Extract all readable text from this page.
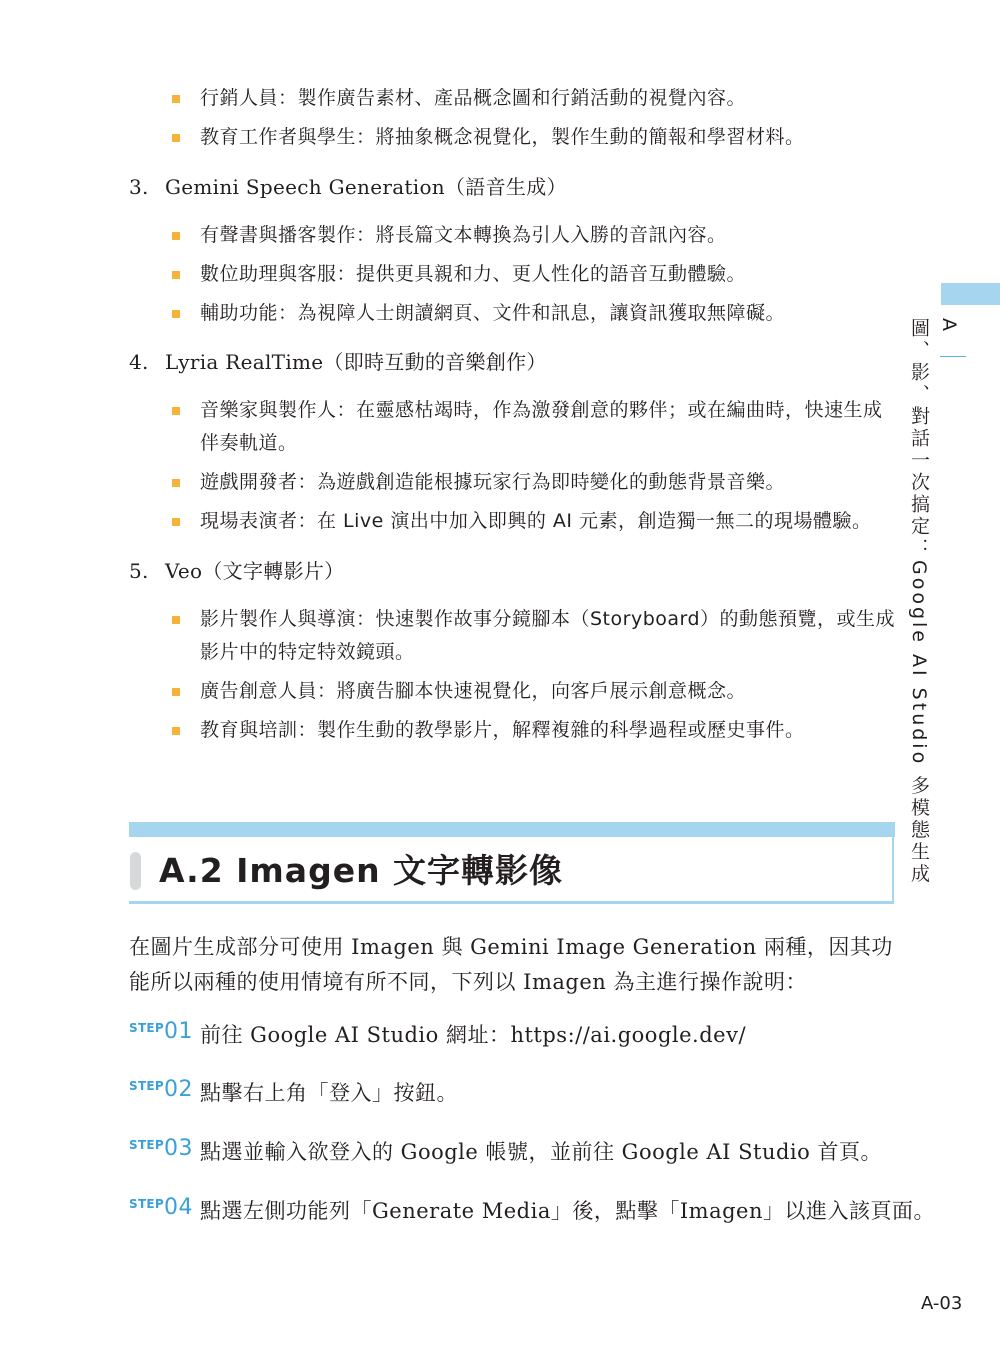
行銷人員：製作廣告素材、產品概念圖和行銷活動的視覺內容。
教育工作者與學生：將抽象概念視覺化，製作生動的簡報和學習材料。
3. Gemini Speech Generation（語音生成）
有聲書與播客製作：將長篇文本轉換為引人入勝的音訊內容。
數位助理與客服：提供更具親和力、更人性化的語音互動體驗。
輔助功能：為視障人士朗讀網頁、文件和訊息，讓資訊獲取無障礙。
4. Lyria RealTime（即時互動的音樂創作）
音樂家與製作人：在靈感枯竭時，作為激發創意的夥伴；或在編曲時，快速生成伴奏軌道。
遊戲開發者：為遊戲創造能根據玩家行為即時變化的動態背景音樂。
現場表演者：在 Live 演出中加入即興的 AI 元素，創造獨一無二的現場體驗。
5. Veo（文字轉影片）
影片製作人與導演：快速製作故事分鏡腳本（Storyboard）的動態預覽，或生成影片中的特定特效鏡頭。
廣告創意人員：將廣告腳本快速視覺化，向客戶展示創意概念。
教育與培訓：製作生動的教學影片，解釋複雜的科學過程或歷史事件。
A.2 Imagen 文字轉影像
在圖片生成部分可使用 Imagen 與 Gemini Image Generation 兩種，因其功能所以兩種的使用情境有所不同，下列以 Imagen 為主進行操作說明：
$^{STEP}$01 前往 Google AI Studio 網址：https://ai.google.dev/
$^{STEP}$02 點擊右上角「登入」按鈕。
$^{STEP}$03 點選並輸入欲登入的 Google 帳號，並前往 Google AI Studio 首頁。
$^{STEP}$04 點選左側功能列「Generate Media」後，點擊「Imagen」以進入該頁面。
A
圖、影、對話一次搞定：Google AI Studio 多模態生成
A-03
